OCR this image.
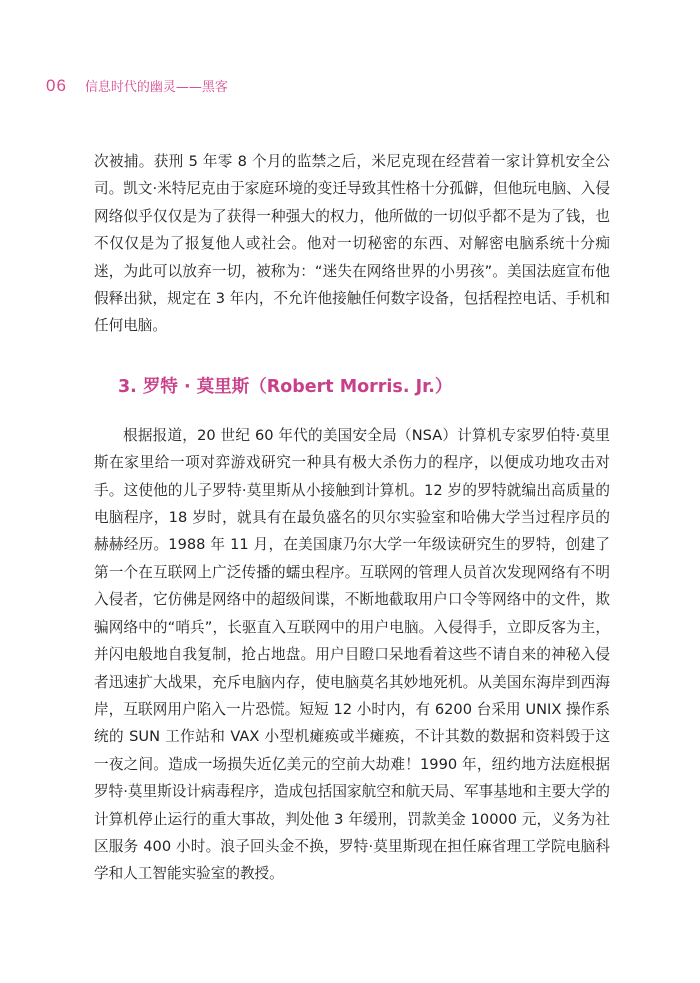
06 信息时代的幽灵——黑客

次被捕。获刑 5 年零 8 个月的监禁之后，米尼克现在经营着一家计算机安全公司。凯文·米特尼克由于家庭环境的变迁导致其性格十分孤僻，但他玩电脑、入侵网络似乎仅仅是为了获得一种强大的权力，他所做的一切似乎都不是为了钱，也不仅仅是为了报复他人或社会。他对一切秘密的东西、对解密电脑系统十分痴迷，为此可以放弃一切，被称为：“迷失在网络世界的小男孩”。美国法庭宣布他假释出狱，规定在 3 年内，不允许他接触任何数字设备，包括程控电话、手机和任何电脑。

3. 罗特 · 莫里斯（Robert Morris. Jr.）

根据报道，20 世纪 60 年代的美国安全局（NSA）计算机专家罗伯特·莫里斯在家里给一项对弈游戏研究一种具有极大杀伤力的程序，以便成功地攻击对手。这使他的儿子罗特·莫里斯从小接触到计算机。12 岁的罗特就编出高质量的电脑程序，18 岁时，就具有在最负盛名的贝尔实验室和哈佛大学当过程序员的赫赫经历。1988 年 11 月，在美国康乃尔大学一年级读研究生的罗特，创建了第一个在互联网上广泛传播的蠕虫程序。互联网的管理人员首次发现网络有不明入侵者，它仿佛是网络中的超级间谍，不断地截取用户口令等网络中的文件，欺骗网络中的“哨兵”，长驱直入互联网中的用户电脑。入侵得手，立即反客为主，并闪电般地自我复制，抢占地盘。用户目瞪口呆地看着这些不请自来的神秘入侵者迅速扩大战果，充斥电脑内存，使电脑莫名其妙地死机。从美国东海岸到西海岸，互联网用户陷入一片恐慌。短短 12 小时内，有 6200 台采用 UNIX 操作系统的 SUN 工作站和 VAX 小型机瘫痪或半瘫痪，不计其数的数据和资料毁于这一夜之间。造成一场损失近亿美元的空前大劫难！1990 年，纽约地方法庭根据罗特·莫里斯设计病毒程序，造成包括国家航空和航天局、军事基地和主要大学的计算机停止运行的重大事故，判处他 3 年缓刑，罚款美金 10000 元，义务为社区服务 400 小时。浪子回头金不换，罗特·莫里斯现在担任麻省理工学院电脑科学和人工智能实验室的教授。
